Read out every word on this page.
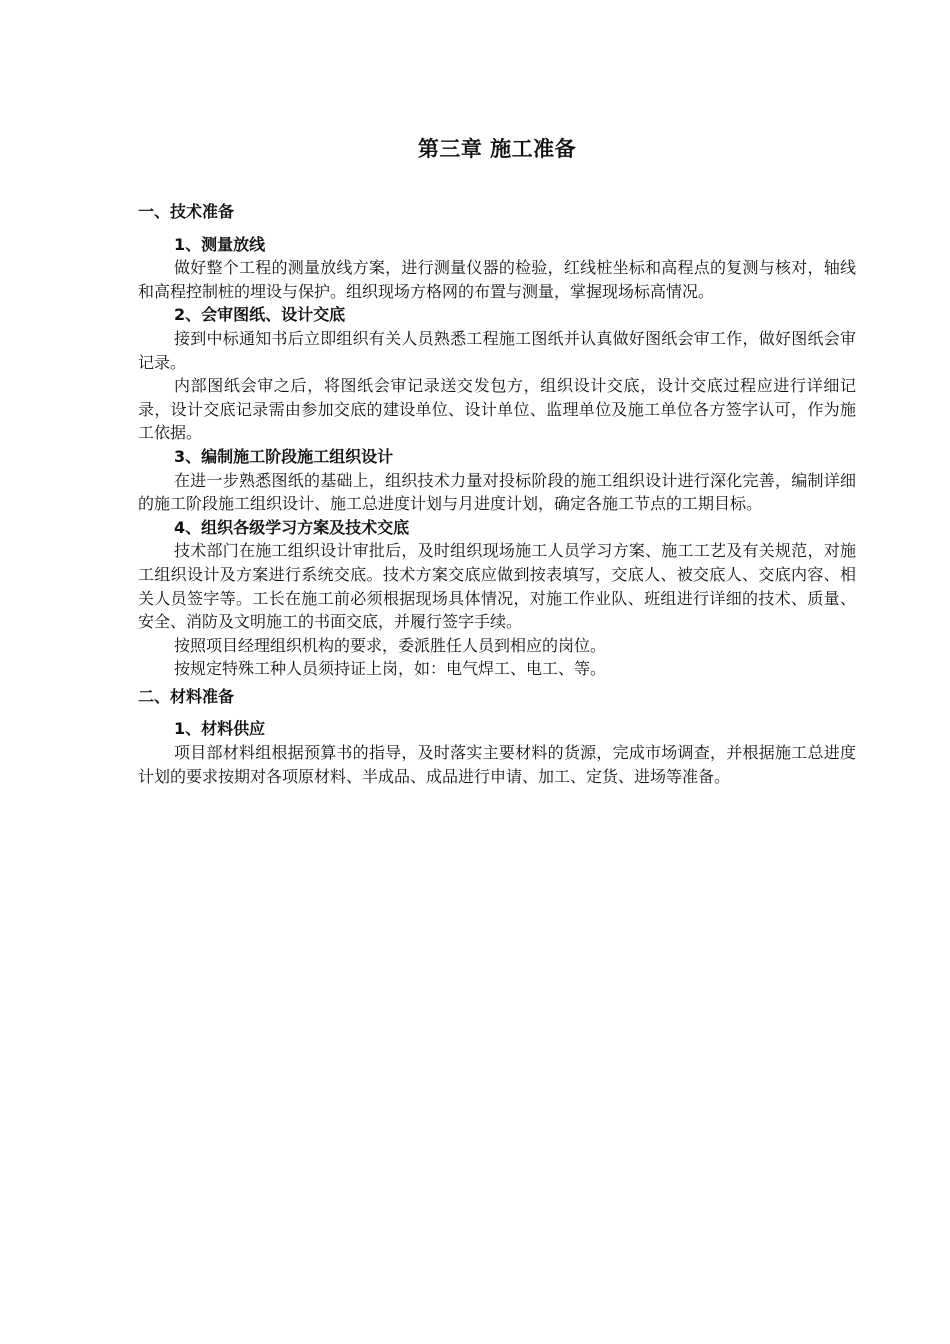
第三章 施工准备
一、技术准备
1、测量放线

做好整个工程的测量放线方案，进行测量仪器的检验，红线桩坐标和高程点的复测与核对，轴线和高程控制桩的埋设与保护。组织现场方格网的布置与测量，掌握现场标高情况。

2、会审图纸、设计交底

接到中标通知书后立即组织有关人员熟悉工程施工图纸并认真做好图纸会审工作，做好图纸会审记录。

内部图纸会审之后，将图纸会审记录送交发包方，组织设计交底，设计交底过程应进行详细记录，设计交底记录需由参加交底的建设单位、设计单位、监理单位及施工单位各方签字认可，作为施工依据。

3、编制施工阶段施工组织设计

在进一步熟悉图纸的基础上，组织技术力量对投标阶段的施工组织设计进行深化完善，编制详细的施工阶段施工组织设计、施工总进度计划与月进度计划，确定各施工节点的工期目标。

4、组织各级学习方案及技术交底

技术部门在施工组织设计审批后，及时组织现场施工人员学习方案、施工工艺及有关规范，对施工组织设计及方案进行系统交底。技术方案交底应做到按表填写，交底人、被交底人、交底内容、相关人员签字等。工长在施工前必须根据现场具体情况，对施工作业队、班组进行详细的技术、质量、安全、消防及文明施工的书面交底，并履行签字手续。

按照项目经理组织机构的要求，委派胜任人员到相应的岗位。

按规定特殊工种人员须持证上岗，如：电气焊工、电工、等。

二、材料准备
1、材料供应

项目部材料组根据预算书的指导，及时落实主要材料的货源，完成市场调查，并根据施工总进度计划的要求按期对各项原材料、半成品、成品进行申请、加工、定货、进场等准备。
